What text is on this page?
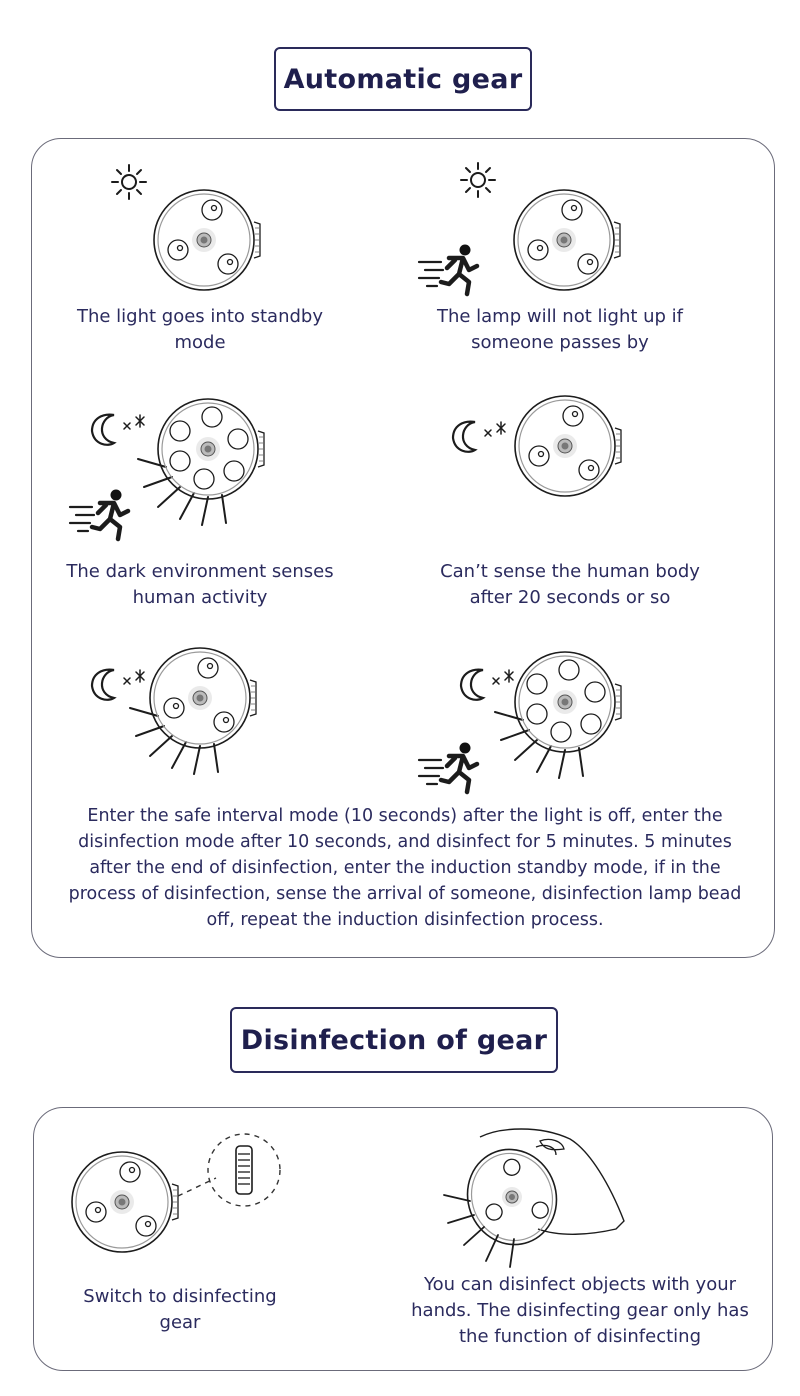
Automatic gear
The light goes into standby mode
The lamp will not light up if someone passes by
The dark environment senses human activity
Can’t sense the human body after 20 seconds or so
Enter the safe interval mode (10 seconds) after the light is off, enter the disinfection mode after 10 seconds, and disinfect for 5 minutes. 5 minutes after the end of disinfection, enter the induction standby mode, if in the process of disinfection, sense the arrival of someone, disinfection lamp bead off, repeat the induction disinfection process.
Disinfection of gear
Switch to disinfecting gear
You can disinfect objects with your hands. The disinfecting gear only has the function of disinfecting
